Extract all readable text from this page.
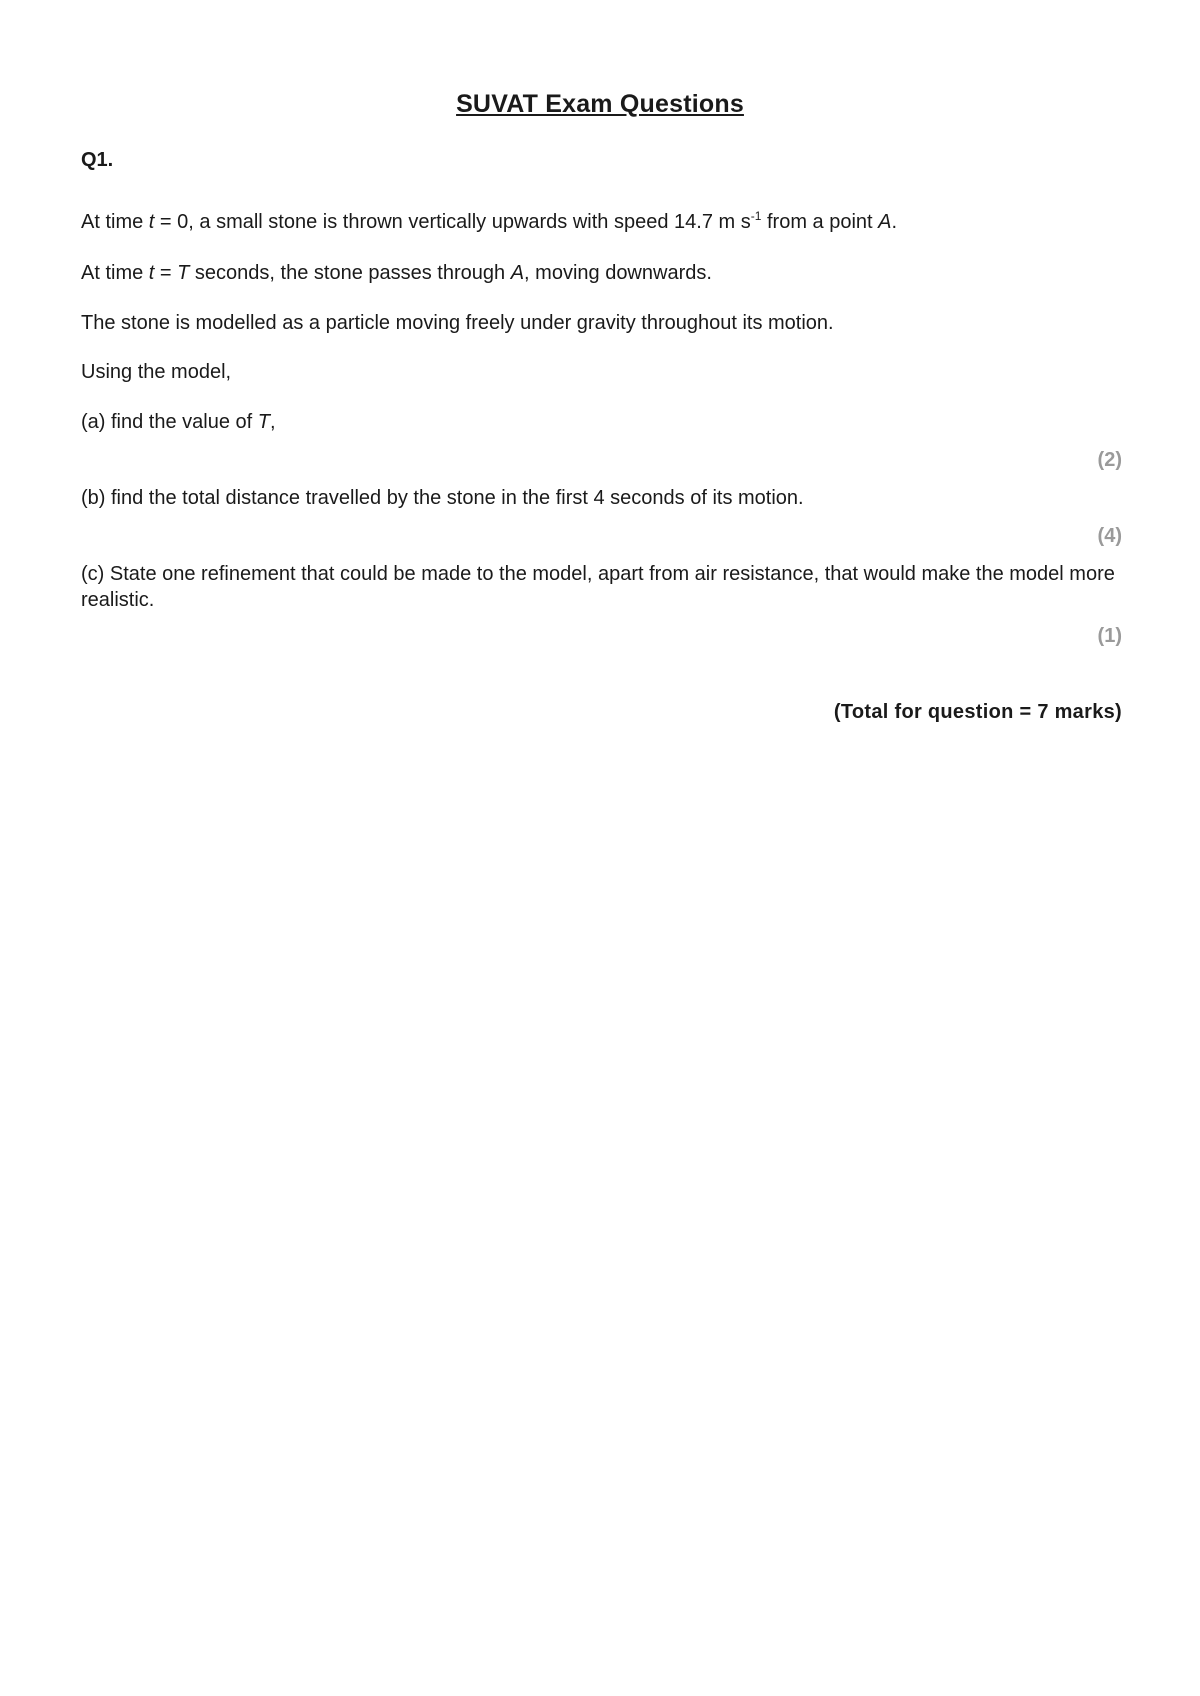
SUVAT Exam Questions
Q1.
At time t = 0, a small stone is thrown vertically upwards with speed 14.7 m $s^{-1}$ from a point A.
At time t = T seconds, the stone passes through A, moving downwards.
The stone is modelled as a particle moving freely under gravity throughout its motion.
Using the model,
(a) find the value of T,
(2)
(b) find the total distance travelled by the stone in the first 4 seconds of its motion.
(4)
(c) State one refinement that could be made to the model, apart from air resistance, that would make the model more realistic.
(1)
(Total for question = 7 marks)
